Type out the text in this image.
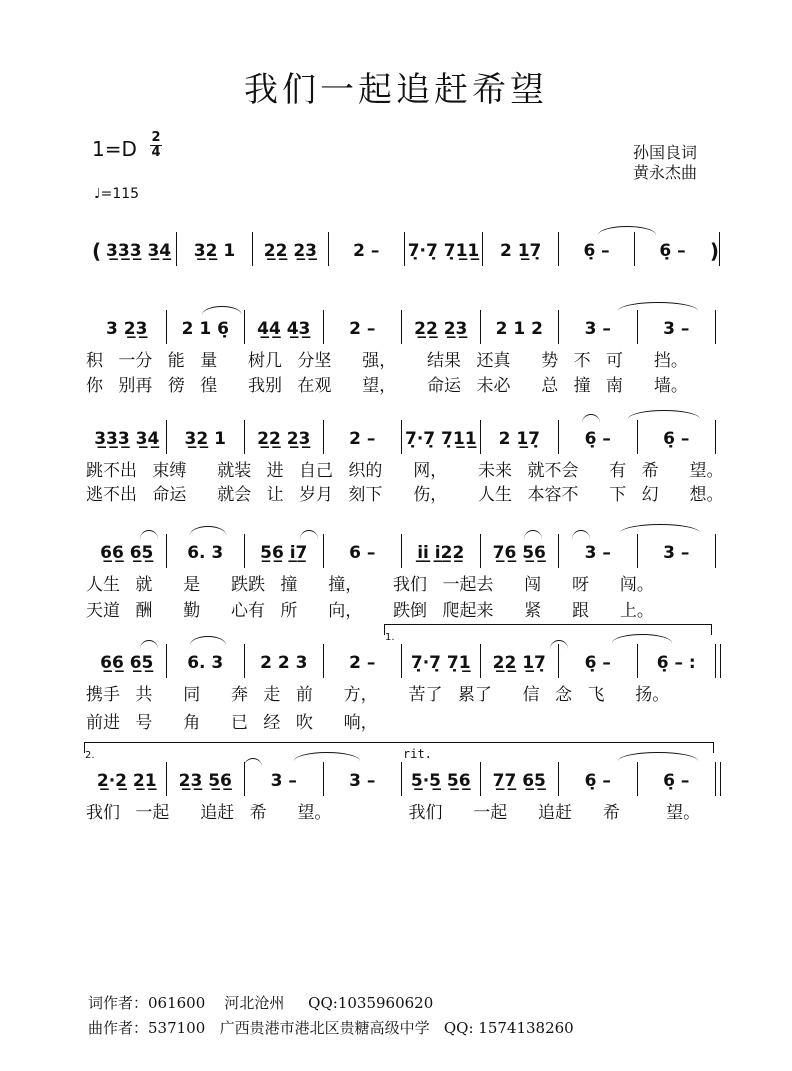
我们一起追赶希望
1=D 2
4
♩=115
孙国良词
黄永杰曲
( 3̲3̲3̲ 3̲4̲	3̲2̲ 1	2̲2̲ 2̲3̲	2 –	7̣·7̣ 7̣1̲1̲	2 1̲7̣	6̣ –	6̣ –	)
3 2̲3̲	2 1 6̣	4̲4̲ 4̲3̲	2 –	2̲2̲ 2̲3̲	2 1 2	3 –	3 –
积 一分 能 量  树几 分坚  强，  结果 还真  势 不 可  挡。
你 别再 徬 徨  我别 在观  望，  命运 未必  总 撞 南  墙。
3̲3̲3̲ 3̲4̲	3̲2̲ 1	2̲2̲ 2̲3̲	2 –	7̣·7̣ 7̣1̲1̲	2 1̲7̣	6̣ –	6̣ –
跳不出 束缚  就装 进 自己 织的  网，  未来 就不会  有 希  望。
逃不出 命运  就会 让 岁月 刻下  伤，  人生 本容不  下 幻  想。
6̲6̲ 6̲5̲	6. 3	5̲6̲ i̲7̲	6 –	i̲i̲ i̲2̲2̲	7̲6̲ 5̲6̲	3 –	3 –
人生 就  是  跌跌 撞  撞，  我们 一起去  闯  呀  闯。
天道 酬  勤  心有 所  向，  跌倒 爬起来  紧  跟  上。
1.
6̲6̲ 6̲5̲	6. 3	2 2 3	2 –	7̣·7̣ 7̣1̲	2̲2̲ 1̲7̣	6̣ –	6̣ – :
携手 共  同  奔 走 前  方，  苦了 累了  信 念 飞  扬。
前进 号  角  已 经 吹  响，
2.	rit.
2̲·2̲ 2̲1̲	2̲3̲ 5̲6̲	3 –	3 –	5̲·5̲ 5̲6̲	7̲7̲ 6̲5̲	6̣ –	6̣ –
我们 一起  追赶 希  望。     我们  一起  追赶  希   望。
词作者：061600    河北沧州     QQ:1035960620
曲作者：537100   广西贵港市港北区贵糖高级中学   QQ: 1574138260
